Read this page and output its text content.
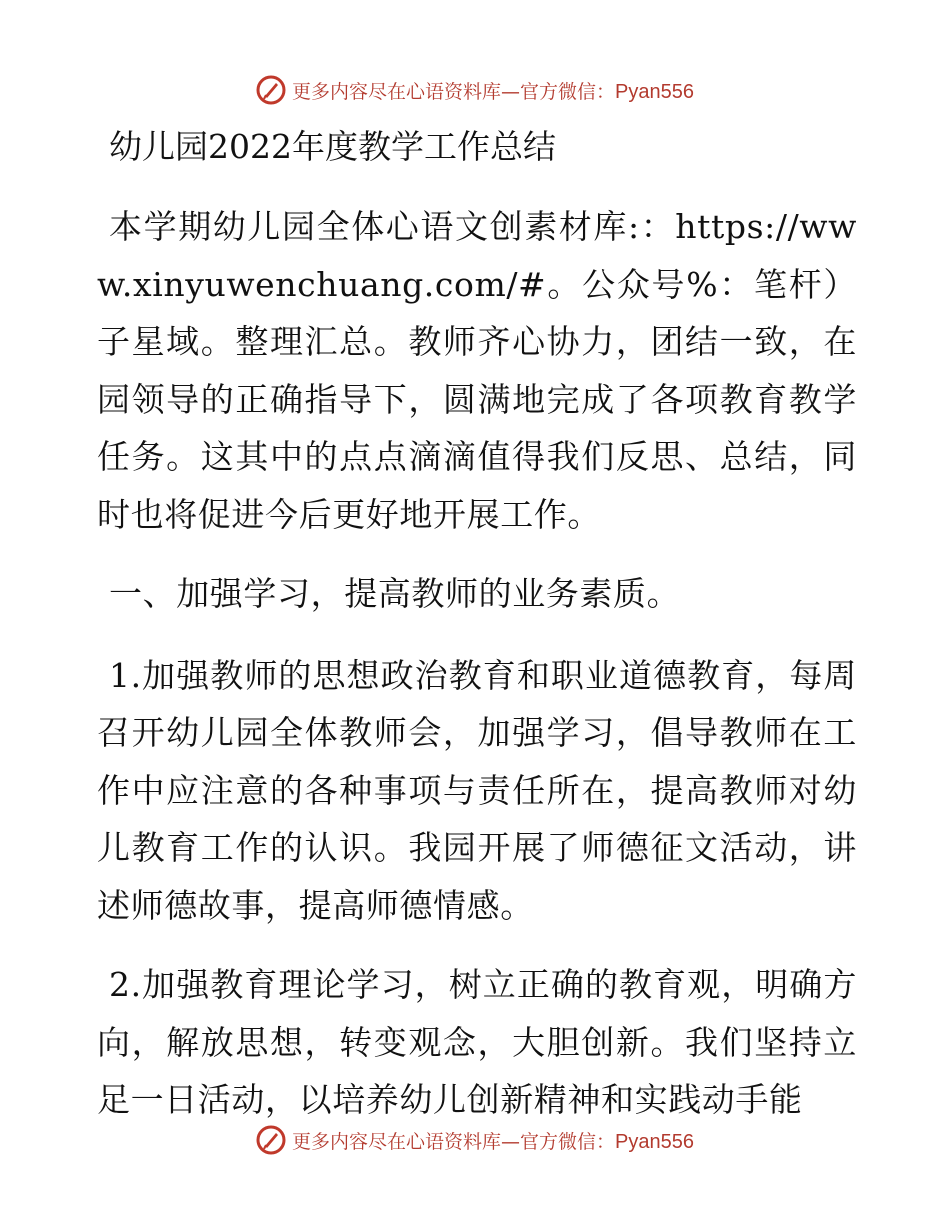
更多内容尽在心语资料库—官方微信：Pyan556
幼儿园2022年度教学工作总结

本学期幼儿园全体心语文创素材库:：https://www.xinyuwenchuang.com/#。公众号%：笔杆）子星域。整理汇总。教师齐心协力，团结一致，在园领导的正确指导下，圆满地完成了各项教育教学任务。这其中的点点滴滴值得我们反思、总结，同时也将促进今后更好地开展工作。

一、加强学习，提高教师的业务素质。

1.加强教师的思想政治教育和职业道德教育，每周召开幼儿园全体教师会，加强学习，倡导教师在工作中应注意的各种事项与责任所在，提高教师对幼儿教育工作的认识。我园开展了师德征文活动，讲述师德故事，提高师德情感。

2.加强教育理论学习，树立正确的教育观，明确方向，解放思想，转变观念，大胆创新。我们坚持立足一日活动，以培养幼儿创新精神和实践动手能

更多内容尽在心语资料库—官方微信：Pyan556
